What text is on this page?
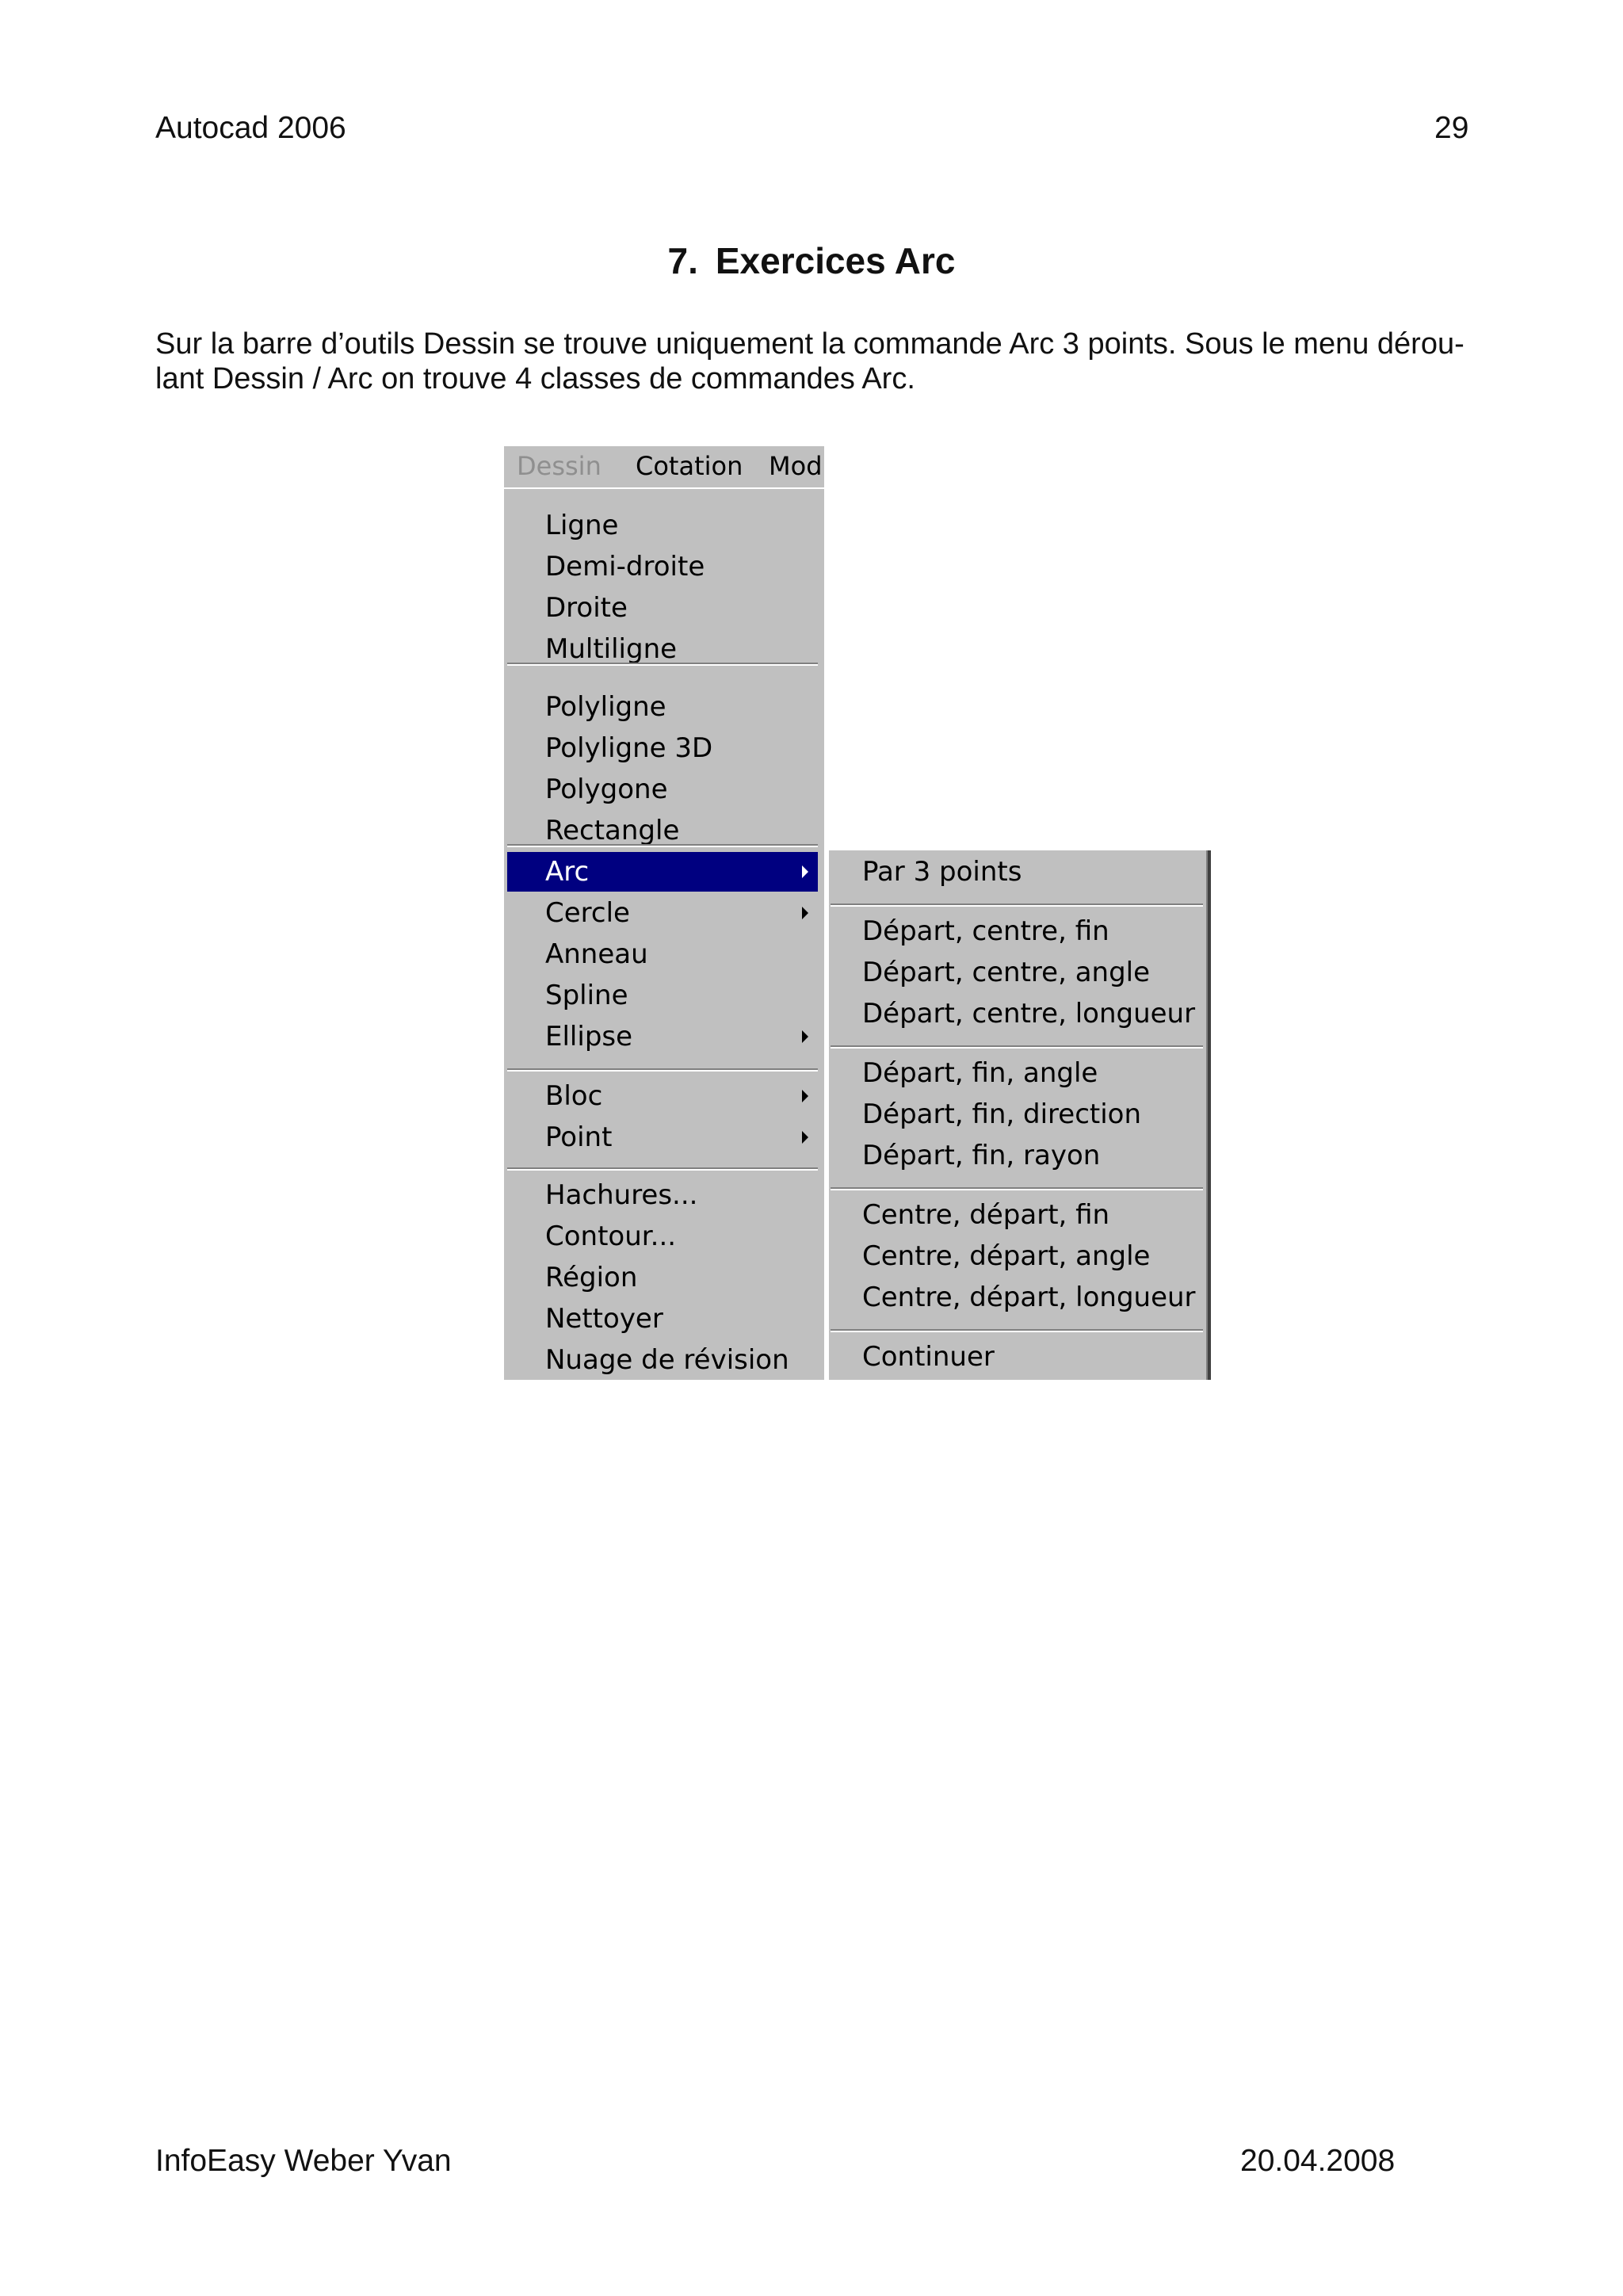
Autocad 2006	29
7. Exercices Arc

Sur la barre d’outils Dessin se trouve uniquement la commande Arc 3 points. Sous le menu dérou-

lant Dessin / Arc on trouve 4 classes de commandes Arc.

Dessin Cotation Mod
Ligne
Demi-droite
Droite
Multiligne
Polyligne
Polyligne 3D
Polygone
Rectangle
Arc
Cercle
Anneau
Spline
Ellipse
Bloc
Point
Hachures...
Contour...
Région
Nettoyer
Nuage de révision
Par 3 points
Départ, centre, fin
Départ, centre, angle
Départ, centre, longueur
Départ, fin, angle
Départ, fin, direction
Départ, fin, rayon
Centre, départ, fin
Centre, départ, angle
Centre, départ, longueur
Continuer
InfoEasy Weber Yvan	20.04.2008
